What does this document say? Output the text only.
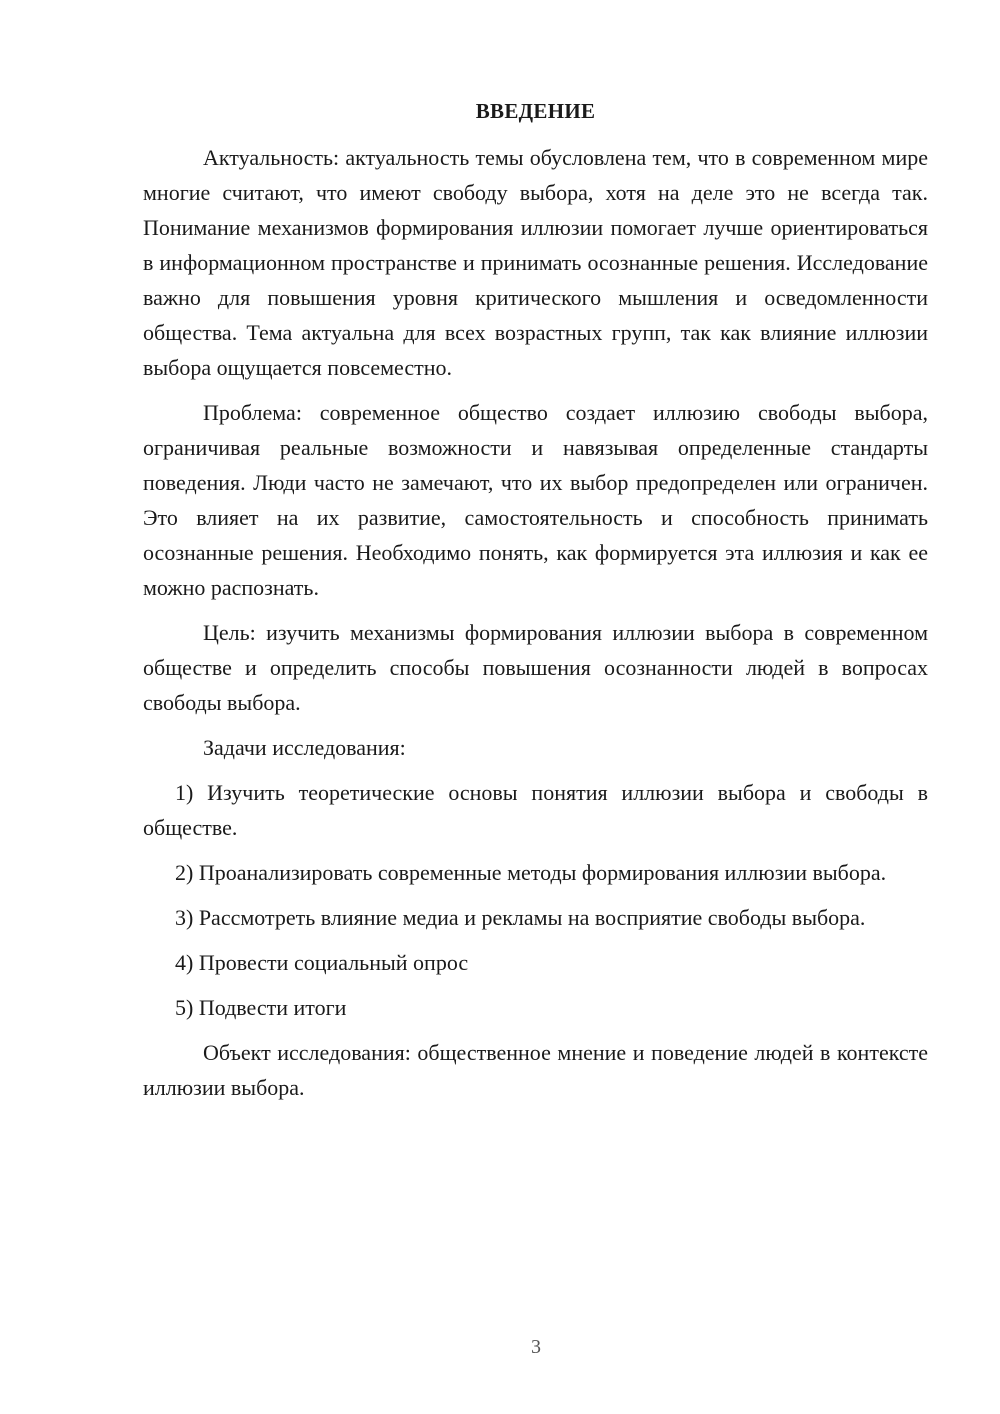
ВВЕДЕНИЕ

Актуальность: актуальность темы обусловлена тем, что в современном мире многие считают, что имеют свободу выбора, хотя на деле это не всегда так. Понимание механизмов формирования иллюзии помогает лучше ориентироваться в информационном пространстве и принимать осознанные решения. Исследование важно для повышения уровня критического мышления и осведомленности общества. Тема актуальна для всех возрастных групп, так как влияние иллюзии выбора ощущается повсеместно.

Проблема: современное общество создает иллюзию свободы выбора, ограничивая реальные возможности и навязывая определенные стандарты поведения. Люди часто не замечают, что их выбор предопределен или ограничен. Это влияет на их развитие, самостоятельность и способность принимать осознанные решения. Необходимо понять, как формируется эта иллюзия и как ее можно распознать.

Цель: изучить механизмы формирования иллюзии выбора в современном обществе и определить способы повышения осознанности людей в вопросах свободы выбора.

Задачи исследования:

1) Изучить теоретические основы понятия иллюзии выбора и свободы в обществе.

2) Проанализировать современные методы формирования иллюзии выбора.

3) Рассмотреть влияние медиа и рекламы на восприятие свободы выбора.

4) Провести социальный опрос

5) Подвести итоги

Объект исследования: общественное мнение и поведение людей в контексте иллюзии выбора.

3
